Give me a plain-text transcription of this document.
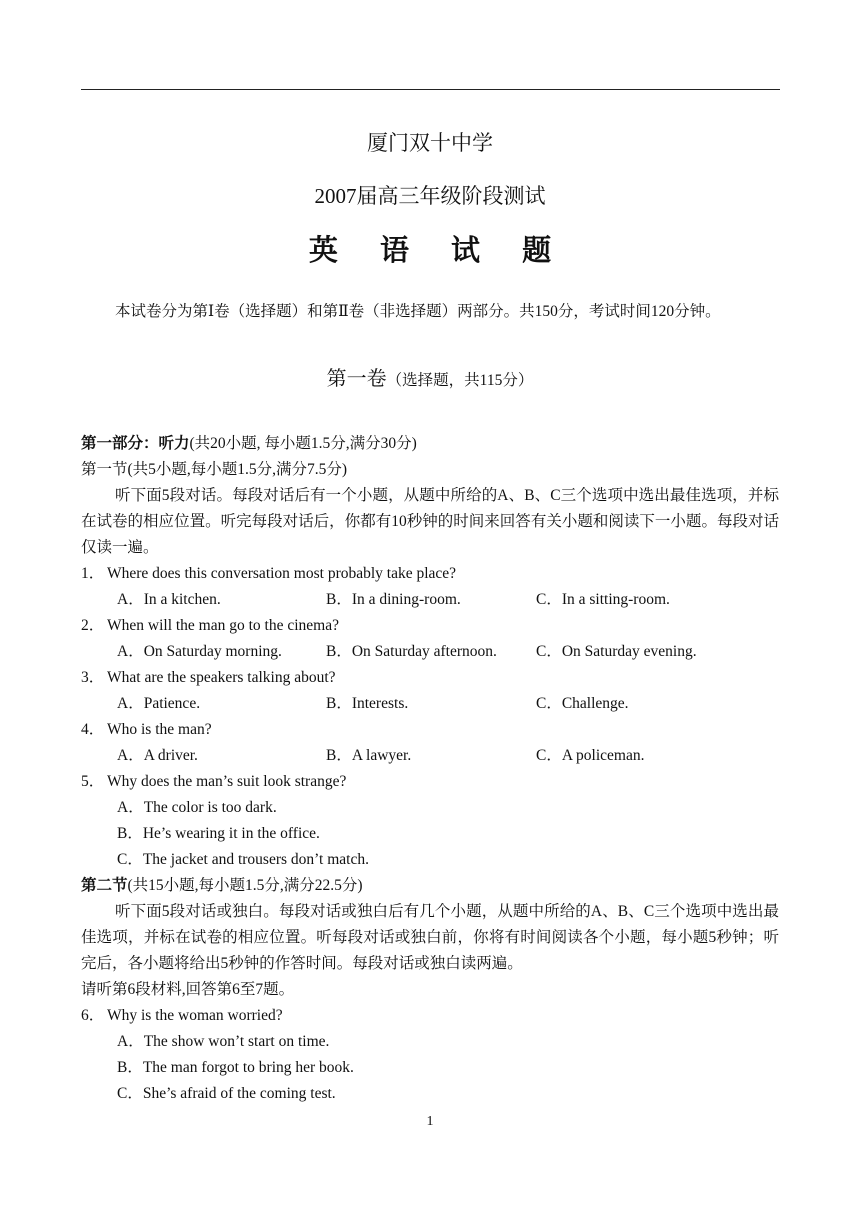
厦门双十中学
2007届高三年级阶段测试
英 语 试 题
本试卷分为第Ⅰ卷（选择题）和第Ⅱ卷（非选择题）两部分。共150分，考试时间120分钟。
第一卷（选择题，共115分）
第一部分：听力(共20小题, 每小题1.5分,满分30分)
第一节(共5小题,每小题1.5分,满分7.5分)
听下面5段对话。每段对话后有一个小题，从题中所给的A、B、C三个选项中选出最佳选项，并标在试卷的相应位置。听完每段对话后，你都有10秒钟的时间来回答有关小题和阅读下一小题。每段对话仅读一遍。
1． Where does this conversation most probably take place?
A．In a kitchen.	B．In a dining-room.	C．In a sitting-room.
2． When will the man go to the cinema?
A．On Saturday morning.	B．On Saturday afternoon.	C．On Saturday evening.
3． What are the speakers talking about?
A．Patience.	B．Interests.	C．Challenge.
4． Who is the man?
A．A driver.	B．A lawyer.	C．A policeman.
5． Why does the man’s suit look strange?
A．The color is too dark.
B．He’s wearing it in the office.
C．The jacket and trousers don’t match.
第二节(共15小题,每小题1.5分,满分22.5分)
听下面5段对话或独白。每段对话或独白后有几个小题，从题中所给的A、B、C三个选项中选出最佳选项，并标在试卷的相应位置。听每段对话或独白前，你将有时间阅读各个小题，每小题5秒钟；听完后，各小题将给出5秒钟的作答时间。每段对话或独白读两遍。
请听第6段材料,回答第6至7题。
6． Why is the woman worried?
A．The show won’t start on time.
B．The man forgot to bring her book.
C．She’s afraid of the coming test.
1
